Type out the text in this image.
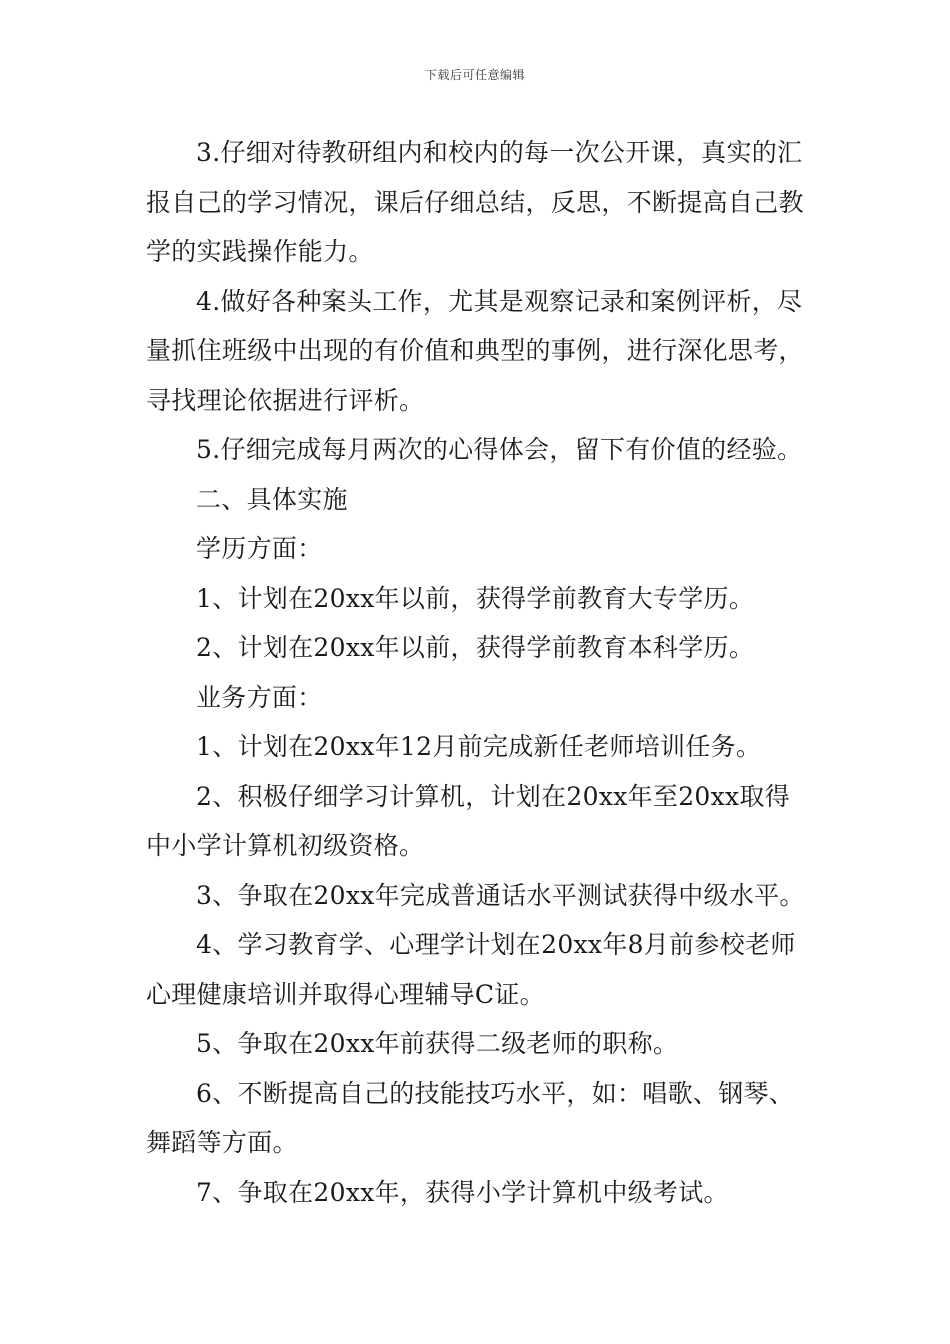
下载后可任意编辑

3.仔细对待教研组内和校内的每一次公开课，真实的汇报自己的学习情况，课后仔细总结，反思，不断提高自己教学的实践操作能力。

4.做好各种案头工作，尤其是观察记录和案例评析，尽量抓住班级中出现的有价值和典型的事例，进行深化思考，寻找理论依据进行评析。

5.仔细完成每月两次的心得体会，留下有价值的经验。

二、具体实施

学历方面：

1、计划在20xx年以前，获得学前教育大专学历。

2、计划在20xx年以前，获得学前教育本科学历。

业务方面：

1、计划在20xx年12月前完成新任老师培训任务。

2、积极仔细学习计算机，计划在20xx年至20xx取得中小学计算机初级资格。

3、争取在20xx年完成普通话水平测试获得中级水平。

4、学习教育学、心理学计划在20xx年8月前参校老师心理健康培训并取得心理辅导C证。

5、争取在20xx年前获得二级老师的职称。

6、不断提高自己的技能技巧水平，如：唱歌、钢琴、舞蹈等方面。

7、争取在20xx年，获得小学计算机中级考试。
